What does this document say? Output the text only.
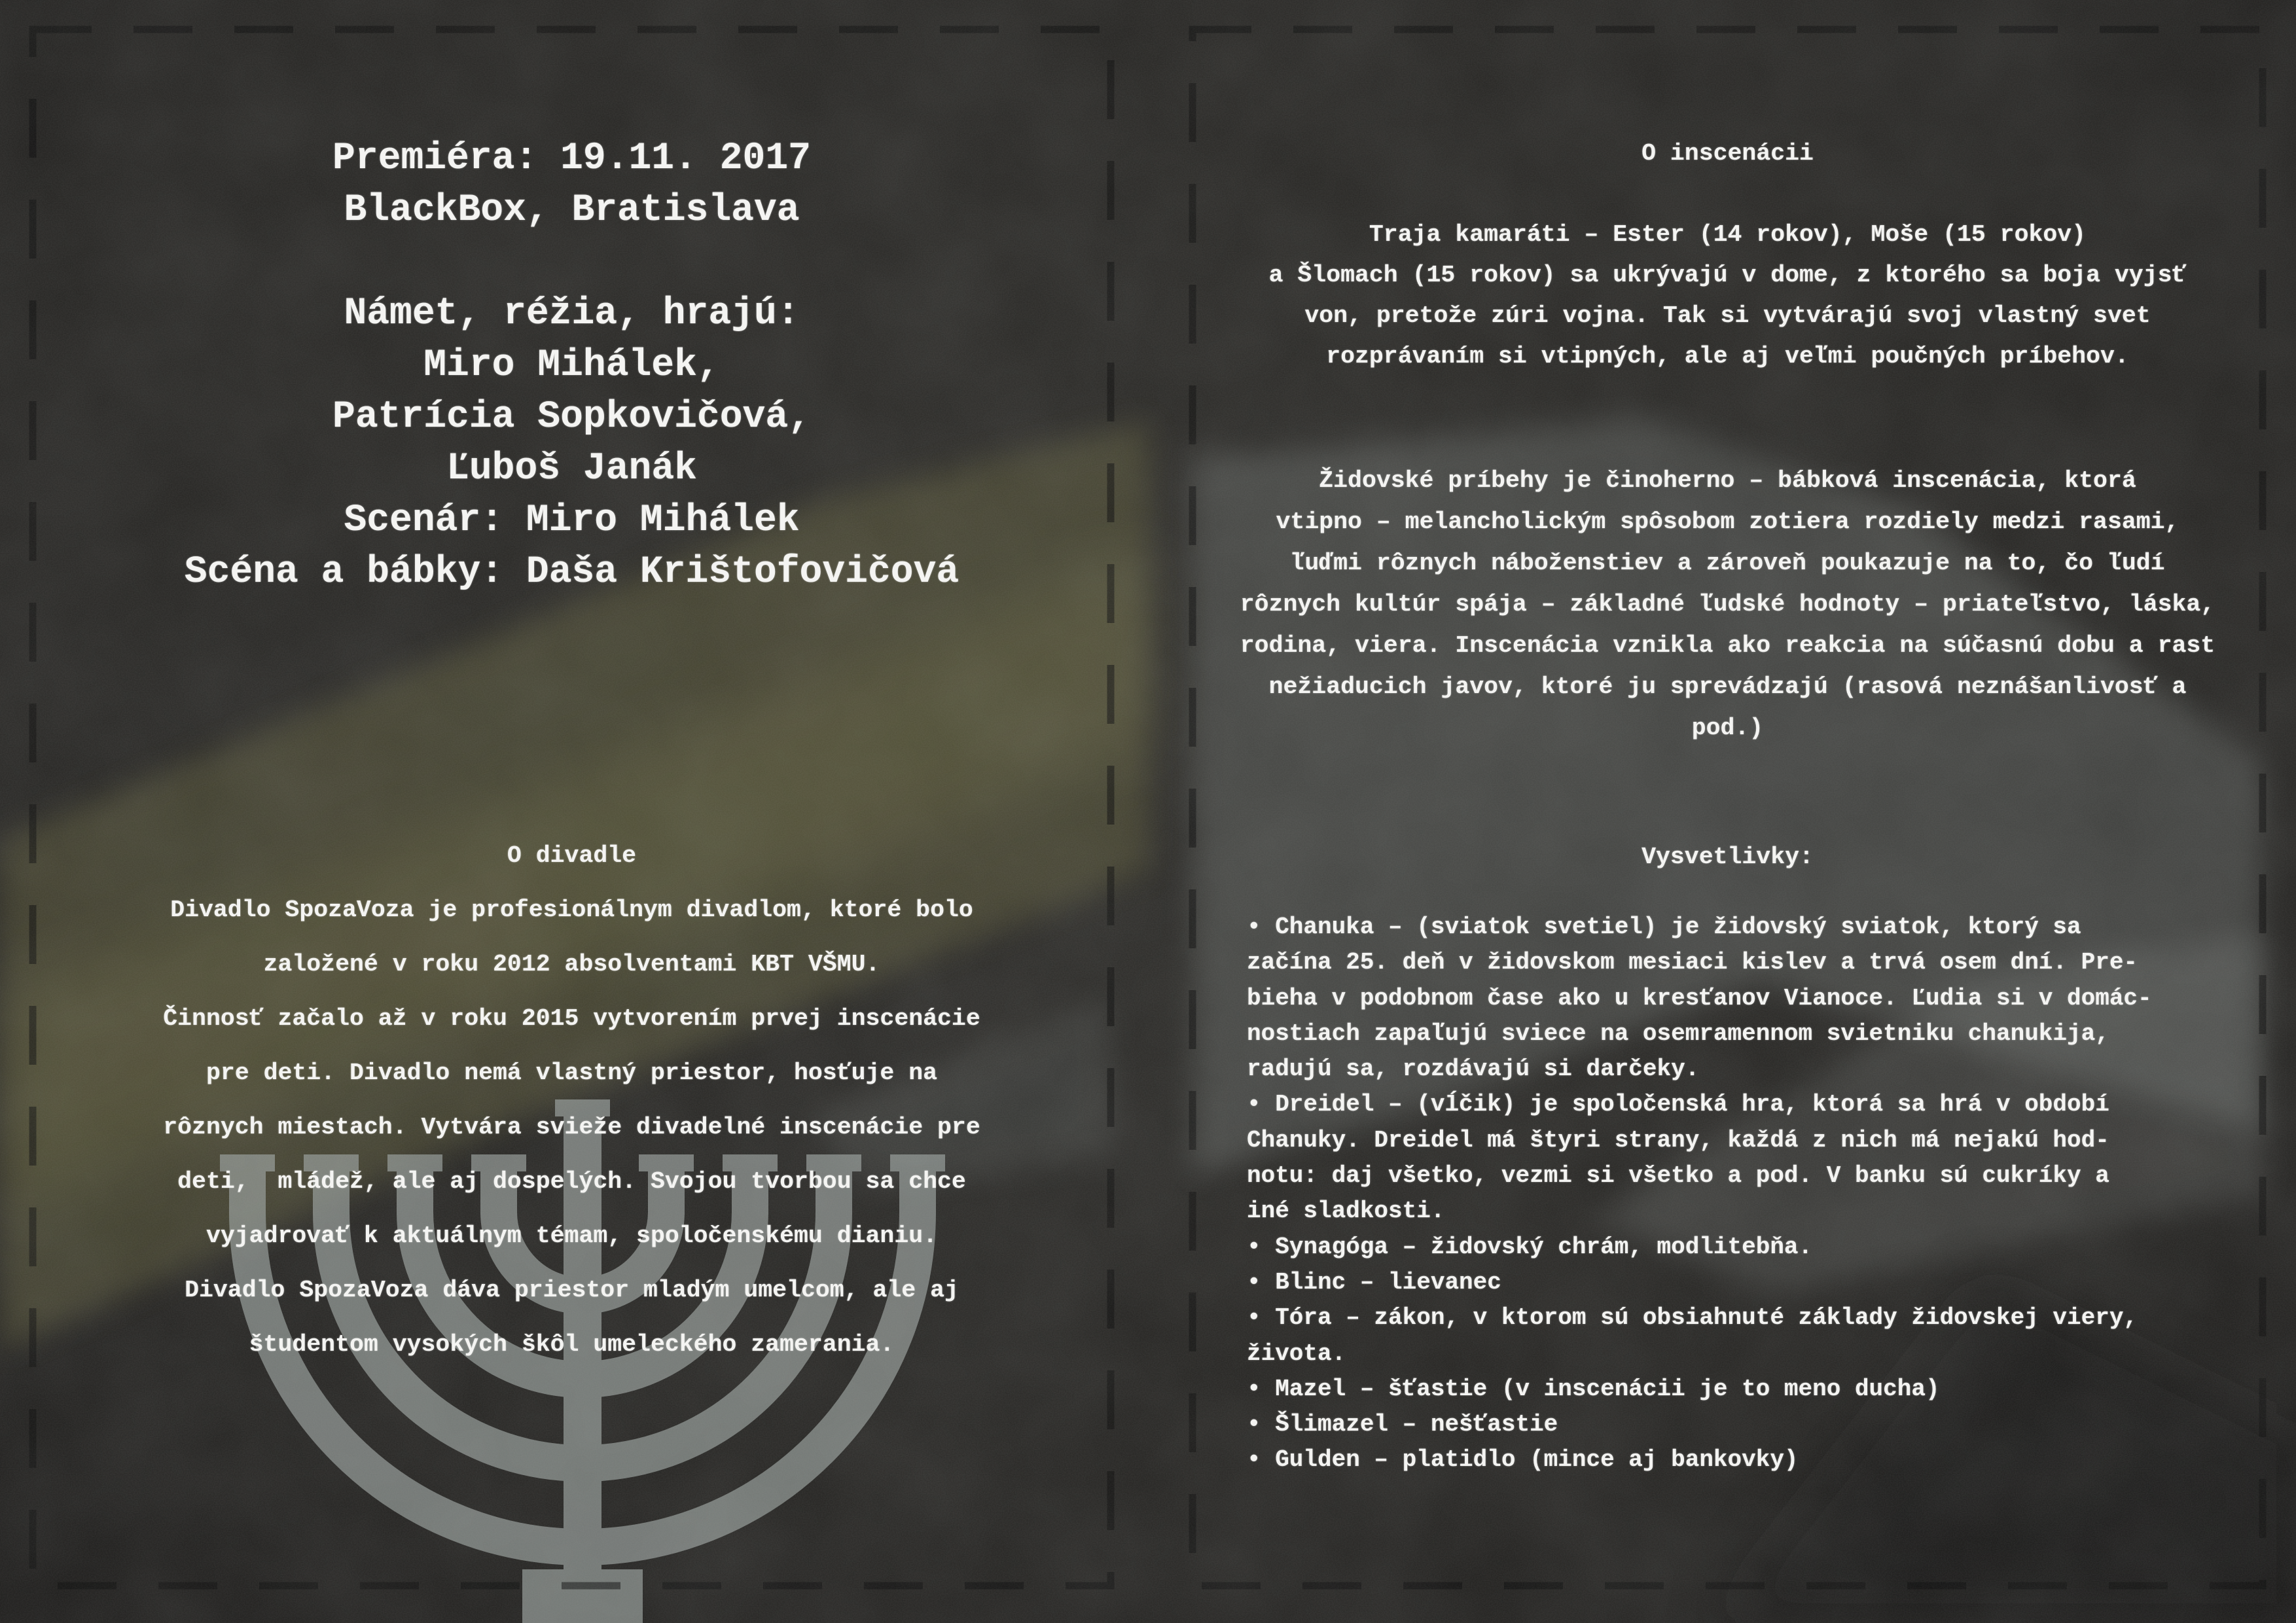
Premiéra: 19.11. 2017
BlackBox, Bratislava

Námet, réžia, hrajú:
Miro Mihálek,
Patrícia Sopkovičová,
Ľuboš Janák
Scenár: Miro Mihálek
Scéna a bábky: Daša Krištofovičová
O divadle
Divadlo SpozaVoza je profesionálnym divadlom, ktoré bolo
založené v roku 2012 absolventami KBT VŠMU.
Činnosť začalo až v roku 2015 vytvorením prvej inscenácie
pre deti. Divadlo nemá vlastný priestor, hosťuje na
rôznych miestach. Vytvára svieže divadelné inscenácie pre
deti,  mládež, ale aj dospelých. Svojou tvorbou sa chce
vyjadrovať k aktuálnym témam, spoločenskému dianiu.
Divadlo SpozaVoza dáva priestor mladým umelcom, ale aj
študentom vysokých škôl umeleckého zamerania.
O inscenácii

Traja kamaráti – Ester (14 rokov), Moše (15 rokov)
a Šlomach (15 rokov) sa ukrývajú v dome, z ktorého sa boja vyjsť
von, pretože zúri vojna. Tak si vytvárajú svoj vlastný svet
rozprávaním si vtipných, ale aj veľmi poučných príbehov.
Židovské príbehy je činoherno – bábková inscenácia, ktorá
vtipno – melancholickým spôsobom zotiera rozdiely medzi rasami,
ľuďmi rôznych náboženstiev a zároveň poukazuje na to, čo ľudí
rôznych kultúr spája – základné ľudské hodnoty – priateľstvo, láska,
rodina, viera. Inscenácia vznikla ako reakcia na súčasnú dobu a rast
nežiaducich javov, ktoré ju sprevádzajú (rasová neznášanlivosť a
pod.)
Vysvetlivky:
• Chanuka – (sviatok svetiel) je židovský sviatok, ktorý sa
začína 25. deň v židovskom mesiaci kislev a trvá osem dní. Pre-
bieha v podobnom čase ako u kresťanov Vianoce. Ľudia si v domác-
nostiach zapaľujú sviece na osemramennom svietniku chanukija,
radujú sa, rozdávajú si darčeky.
• Dreidel – (vĺčik) je spoločenská hra, ktorá sa hrá v období
Chanuky. Dreidel má štyri strany, každá z nich má nejakú hod-
notu: daj všetko, vezmi si všetko a pod. V banku sú cukríky a
iné sladkosti.
• Synagóga – židovský chrám, modlitebňa.
• Blinc – lievanec
• Tóra – zákon, v ktorom sú obsiahnuté základy židovskej viery,
života.
• Mazel – šťastie (v inscenácii je to meno ducha)
• Šlimazel – nešťastie
• Gulden – platidlo (mince aj bankovky)
